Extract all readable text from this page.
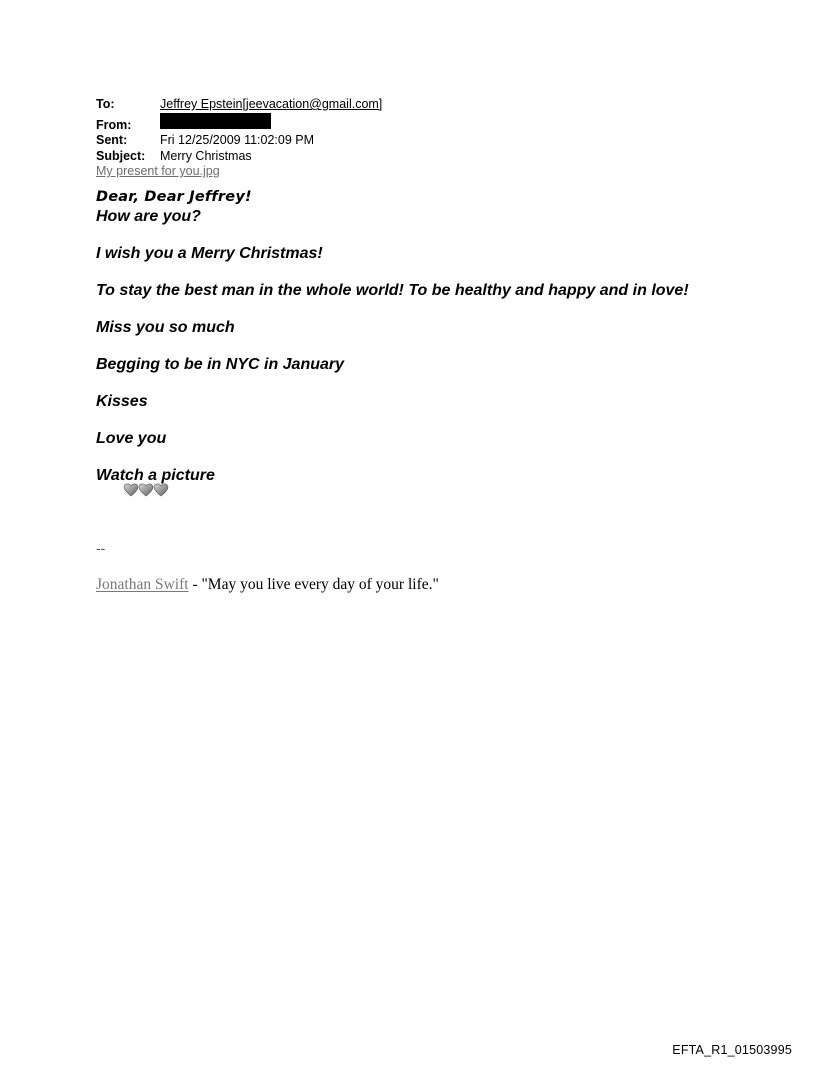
To:	Jeffrey Epstein[jeevacation@gmail.com]
From:
Sent:	Fri 12/25/2009 11:02:09 PM
Subject:	Merry Christmas
My present for you.jpg

Dear, Dear Jeffrey!

How are you?

I wish you a Merry Christmas!

To stay the best man in the whole world! To be healthy and happy and in love!

Miss you so much

Begging to be in NYC in January

Kisses

Love you

Watch a picture

--
Jonathan Swift - "May you live every day of your life."
EFTA_R1_01503995
